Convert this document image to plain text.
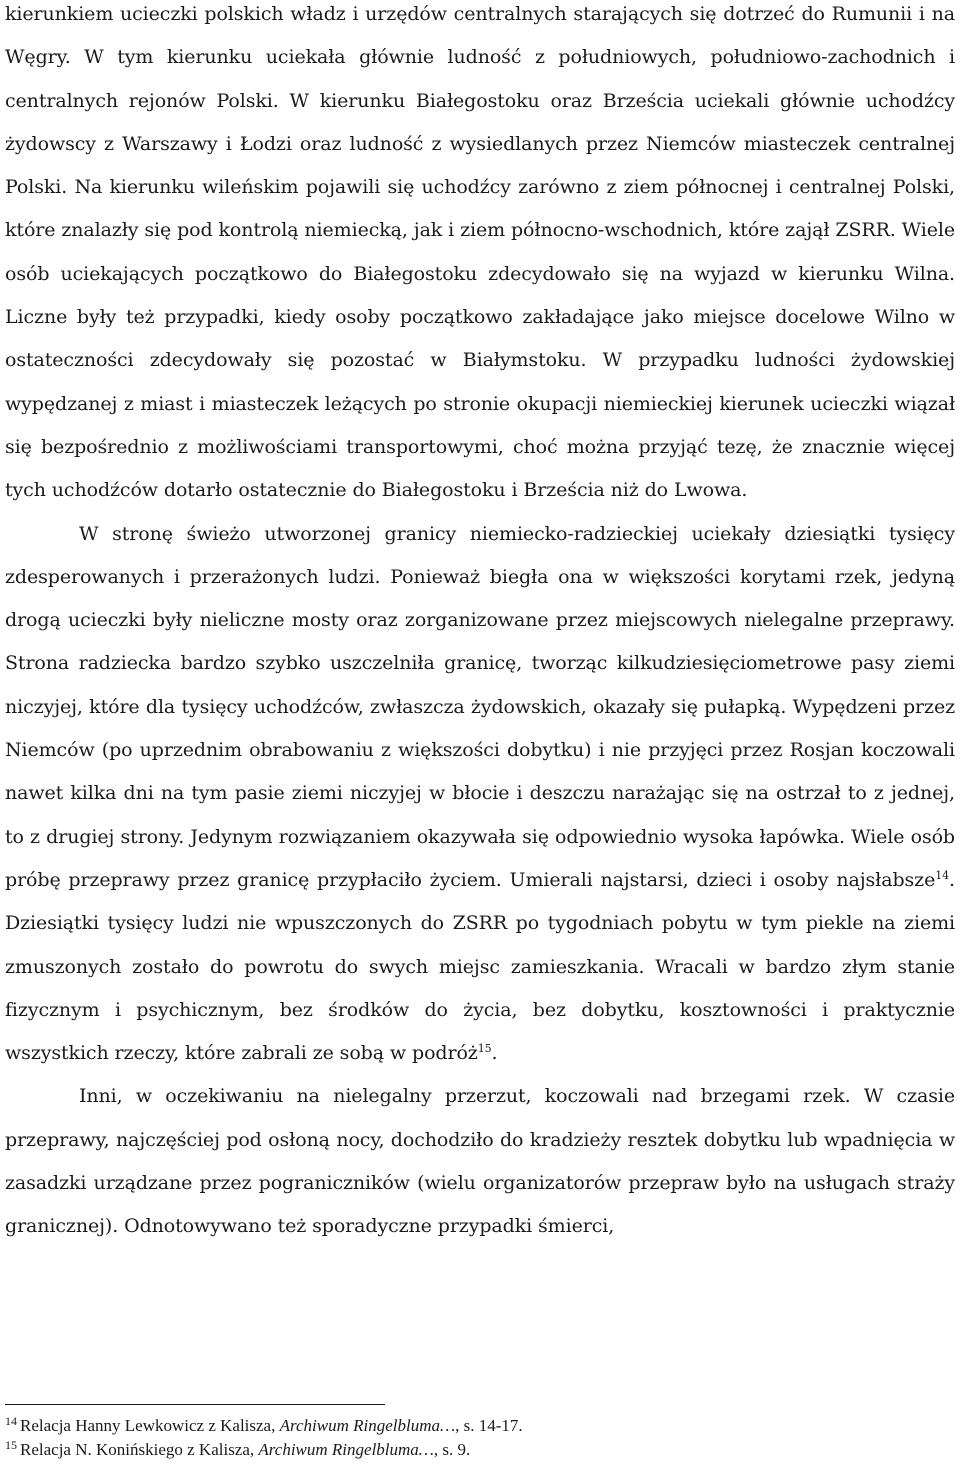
kierunkiem ucieczki polskich władz i urzędów centralnych starających się dotrzeć do Rumunii i na Węgry. W tym kierunku uciekała głównie ludność z południowych, południowo-zachodnich i centralnych rejonów Polski. W kierunku Białegostoku oraz Brześcia uciekali głównie uchodźcy żydowscy z Warszawy i Łodzi oraz ludność z wysiedlanych przez Niemców miasteczek centralnej Polski. Na kierunku wileńskim pojawili się uchodźcy zarówno z ziem północnej i centralnej Polski, które znalazły się pod kontrolą niemiecką, jak i ziem północno-wschodnich, które zajął ZSRR. Wiele osób uciekających początkowo do Białegostoku zdecydowało się na wyjazd w kierunku Wilna. Liczne były też przypadki, kiedy osoby początkowo zakładające jako miejsce docelowe Wilno w ostateczności zdecydowały się pozostać w Białymstoku. W przypadku ludności żydowskiej wypędzanej z miast i miasteczek leżących po stronie okupacji niemieckiej kierunek ucieczki wiązał się bezpośrednio z możliwościami transportowymi, choć można przyjąć tezę, że znacznie więcej tych uchodźców dotarło ostatecznie do Białegostoku i Brześcia niż do Lwowa.

W stronę świeżo utworzonej granicy niemiecko-radzieckiej uciekały dziesiątki tysięcy zdesperowanych i przerażonych ludzi. Ponieważ biegła ona w większości korytami rzek, jedyną drogą ucieczki były nieliczne mosty oraz zorganizowane przez miejscowych nielegalne przeprawy. Strona radziecka bardzo szybko uszczelniła granicę, tworząc kilkudziesięciometrowe pasy ziemi niczyjej, które dla tysięcy uchodźców, zwłaszcza żydowskich, okazały się pułapką. Wypędzeni przez Niemców (po uprzednim obrabowaniu z większości dobytku) i nie przyjęci przez Rosjan koczowali nawet kilka dni na tym pasie ziemi niczyjej w błocie i deszczu narażając się na ostrzał to z jednej, to z drugiej strony. Jedynym rozwiązaniem okazywała się odpowiednio wysoka łapówka. Wiele osób próbę przeprawy przez granicę przypłaciło życiem. Umierali najstarsi, dzieci i osoby najsłabsze$^{14}$. Dziesiątki tysięcy ludzi nie wpuszczonych do ZSRR po tygodniach pobytu w tym piekle na ziemi zmuszonych zostało do powrotu do swych miejsc zamieszkania. Wracali w bardzo złym stanie fizycznym i psychicznym, bez środków do życia, bez dobytku, kosztowności i praktycznie wszystkich rzeczy, które zabrali ze sobą w podróż$^{15}$.

Inni, w oczekiwaniu na nielegalny przerzut, koczowali nad brzegami rzek. W czasie przeprawy, najczęściej pod osłoną nocy, dochodziło do kradzieży resztek dobytku lub wpadnięcia w zasadzki urządzane przez pograniczników (wielu organizatorów przepraw było na usługach straży granicznej). Odnotowywano też sporadyczne przypadki śmierci,

$^{14}$ Relacja Hanny Lewkowicz z Kalisza, Archiwum Ringelbluma…, s. 14-17.
$^{15}$ Relacja N. Konińskiego z Kalisza, Archiwum Ringelbluma…, s. 9.
